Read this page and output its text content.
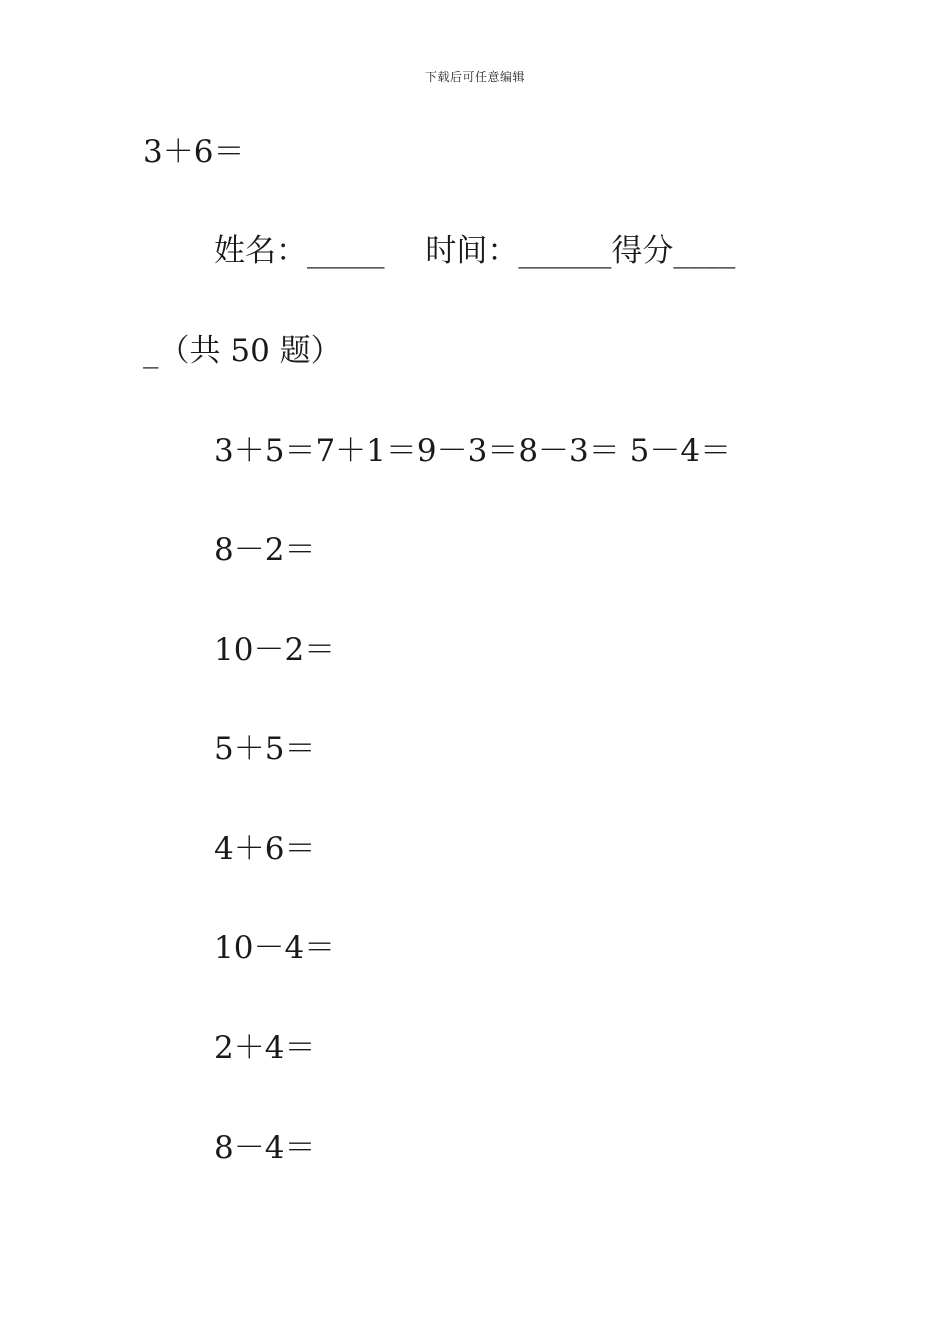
下载后可任意编辑
3＋6＝
姓名：_____ 　时间：______得分____
_（共 50 题）
3＋5＝7＋1＝9－3＝8－3＝ 5－4＝
8－2＝
10－2＝
5＋5＝
4＋6＝
10－4＝
2＋4＝
8－4＝
